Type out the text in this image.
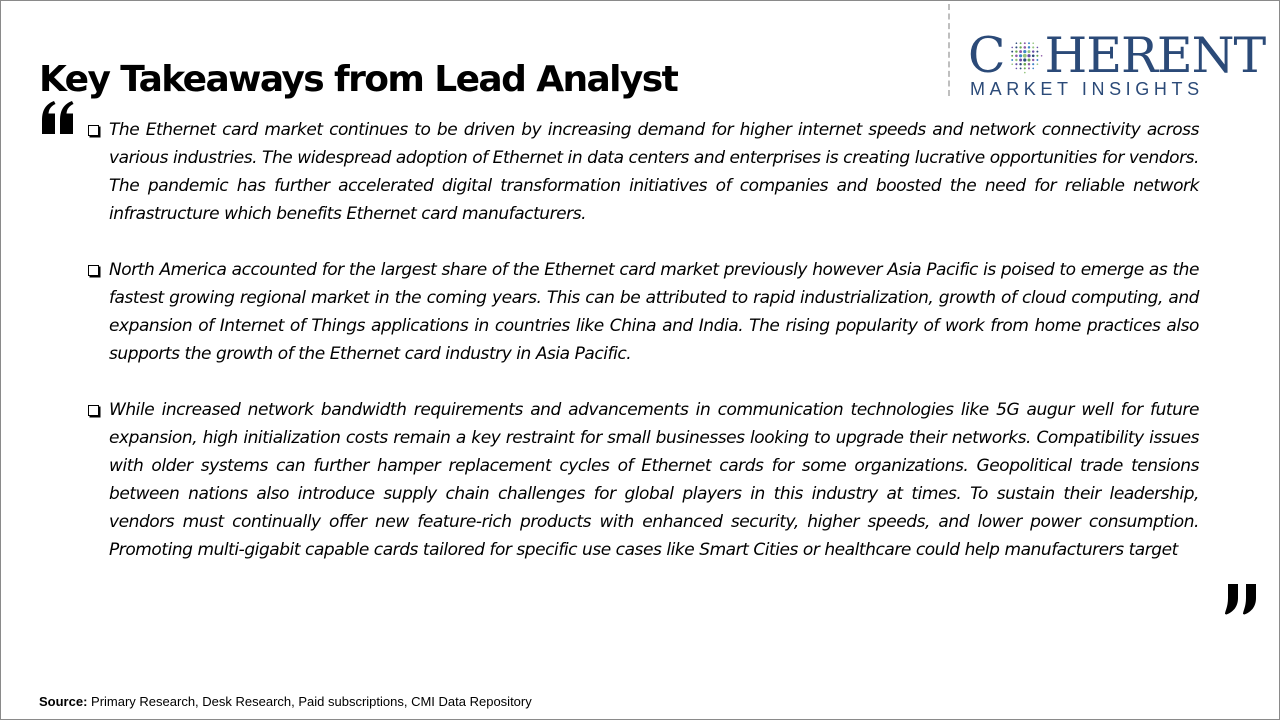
Key Takeaways from Lead Analyst	C HERENT
MARKET INSIGHTS
The Ethernet card market continues to be driven by increasing demand for higher internet speeds and network connectivity across various industries. The widespread adoption of Ethernet in data centers and enterprises is creating lucrative opportunities for vendors. The pandemic has further accelerated digital transformation initiatives of companies and boosted the need for reliable network infrastructure which benefits Ethernet card manufacturers.
North America accounted for the largest share of the Ethernet card market previously however Asia Pacific is poised to emerge as the fastest growing regional market in the coming years. This can be attributed to rapid industrialization, growth of cloud computing, and expansion of Internet of Things applications in countries like China and India. The rising popularity of work from home practices also supports the growth of the Ethernet card industry in Asia Pacific.
While increased network bandwidth requirements and advancements in communication technologies like 5G augur well for future expansion, high initialization costs remain a key restraint for small businesses looking to upgrade their networks. Compatibility issues with older systems can further hamper replacement cycles of Ethernet cards for some organizations. Geopolitical trade tensions between nations also introduce supply chain challenges for global players in this industry at times. To sustain their leadership, vendors must continually offer new feature-rich products with enhanced security, higher speeds, and lower power consumption. Promoting multi-gigabit capable cards tailored for specific use cases like Smart Cities or healthcare could help manufacturers target
Source: Primary Research, Desk Research, Paid subscriptions, CMI Data Repository
